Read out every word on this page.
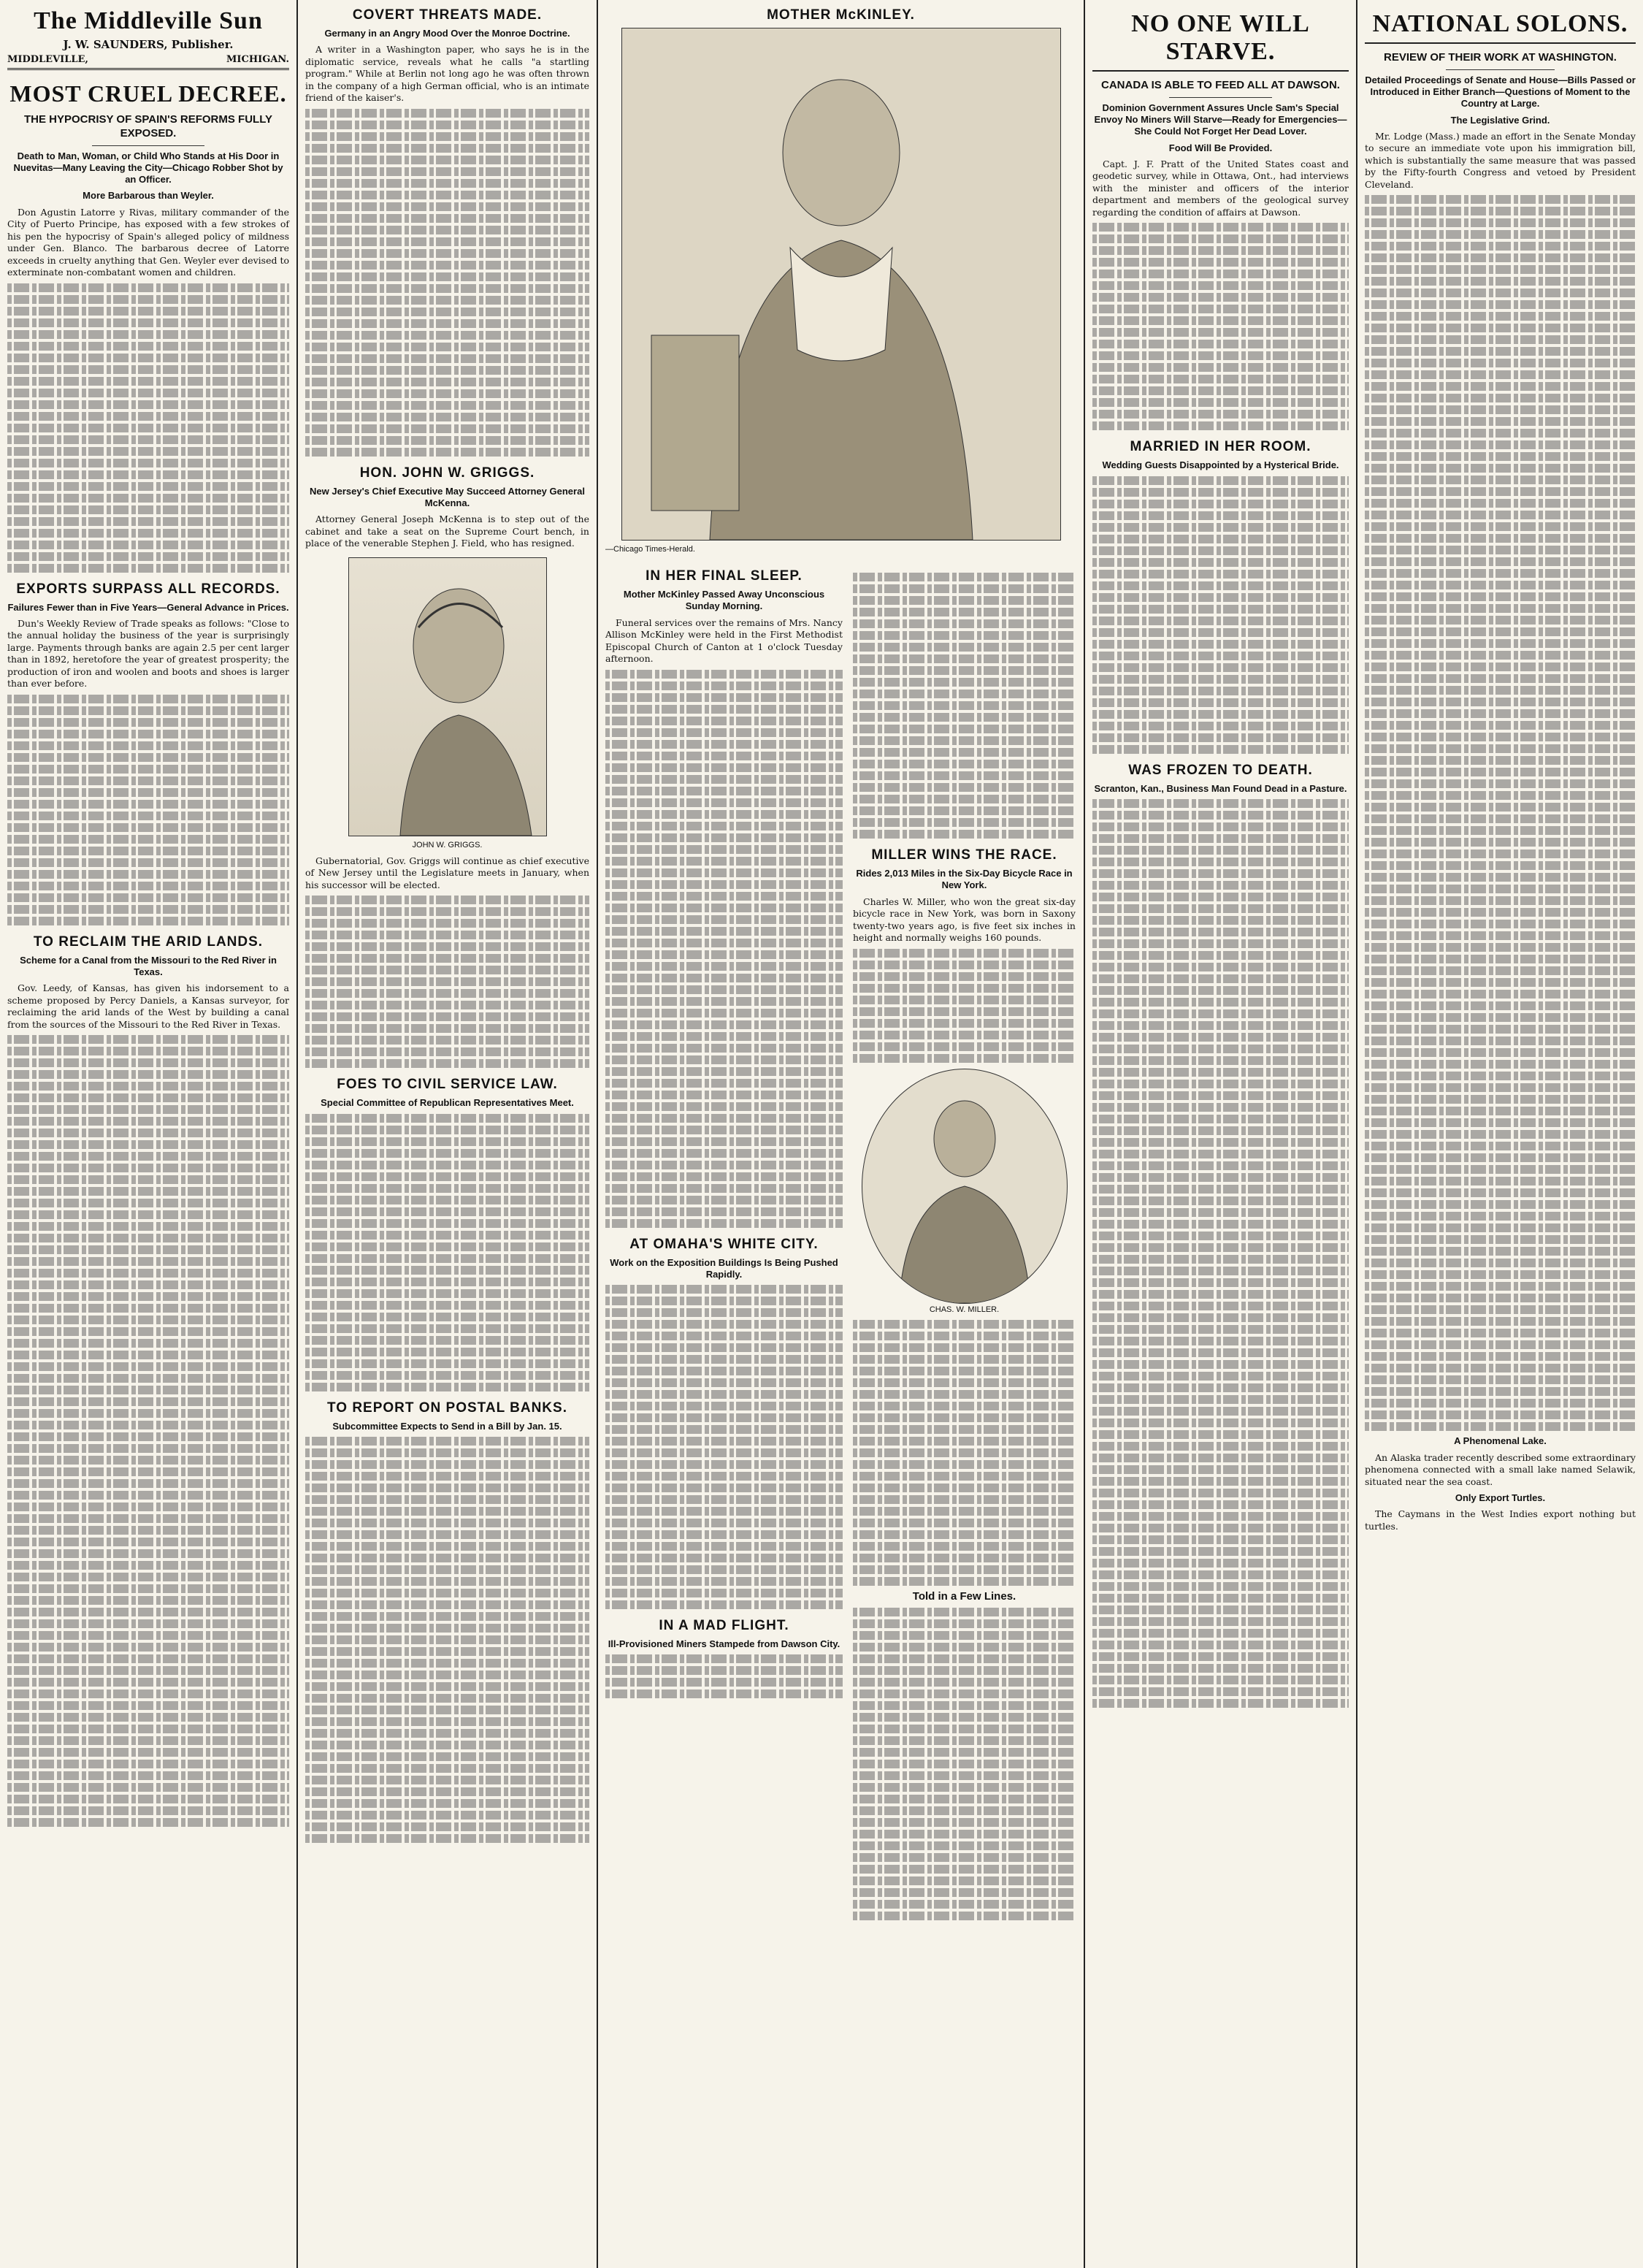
The Middleville Sun
J. W. SAUNDERS, Publisher.
MIDDLEVILLE,	MICHIGAN.
MOST CRUEL DECREE.
THE HYPOCRISY OF SPAIN'S REFORMS FULLY EXPOSED.
Death to Man, Woman, or Child Who Stands at His Door in Nuevitas—Many Leaving the City—Chicago Robber Shot by an Officer.
More Barbarous than Weyler.

Don Agustin Latorre y Rivas, military commander of the City of Puerto Principe, has exposed with a few strokes of his pen the hypocrisy of Spain's alleged policy of mildness under Gen. Blanco. The barbarous decree of Latorre exceeds in cruelty anything that Gen. Weyler ever devised to exterminate non-combatant women and children.

EXPORTS SURPASS ALL RECORDS.
Failures Fewer than in Five Years—General Advance in Prices.

Dun's Weekly Review of Trade speaks as follows: "Close to the annual holiday the business of the year is surprisingly large. Payments through banks are again 2.5 per cent larger than in 1892, heretofore the year of greatest prosperity; the production of iron and woolen and boots and shoes is larger than ever before.

TO RECLAIM THE ARID LANDS.
Scheme for a Canal from the Missouri to the Red River in Texas.

Gov. Leedy, of Kansas, has given his indorsement to a scheme proposed by Percy Daniels, a Kansas surveyor, for reclaiming the arid lands of the West by building a canal from the sources of the Missouri to the Red River in Texas.

COVERT THREATS MADE.
Germany in an Angry Mood Over the Monroe Doctrine.

A writer in a Washington paper, who says he is in the diplomatic service, reveals what he calls "a startling program." While at Berlin not long ago he was often thrown in the company of a high German official, who is an intimate friend of the kaiser's.

HON. JOHN W. GRIGGS.
New Jersey's Chief Executive May Succeed Attorney General McKenna.

Attorney General Joseph McKenna is to step out of the cabinet and take a seat on the Supreme Court bench, in place of the venerable Stephen J. Field, who has resigned.

JOHN W. GRIGGS.

Gubernatorial, Gov. Griggs will continue as chief executive of New Jersey until the Legislature meets in January, when his successor will be elected.

FOES TO CIVIL SERVICE LAW.
Special Committee of Republican Representatives Meet.
TO REPORT ON POSTAL BANKS.
Subcommittee Expects to Send in a Bill by Jan. 15.
MOTHER McKINLEY.
—Chicago Times-Herald.
IN HER FINAL SLEEP.
Mother McKinley Passed Away Unconscious Sunday Morning.

Funeral services over the remains of Mrs. Nancy Allison McKinley were held in the First Methodist Episcopal Church of Canton at 1 o'clock Tuesday afternoon.

AT OMAHA'S WHITE CITY.
Work on the Exposition Buildings Is Being Pushed Rapidly.
IN A MAD FLIGHT.
Ill-Provisioned Miners Stampede from Dawson City.
MILLER WINS THE RACE.
Rides 2,013 Miles in the Six-Day Bicycle Race in New York.

Charles W. Miller, who won the great six-day bicycle race in New York, was born in Saxony twenty-two years ago, is five feet six inches in height and normally weighs 160 pounds.

CHAS. W. MILLER.
Told in a Few Lines.
NO ONE WILL STARVE.
CANADA IS ABLE TO FEED ALL AT DAWSON.
Dominion Government Assures Uncle Sam's Special Envoy No Miners Will Starve—Ready for Emergencies—She Could Not Forget Her Dead Lover.
Food Will Be Provided.

Capt. J. F. Pratt of the United States coast and geodetic survey, while in Ottawa, Ont., had interviews with the minister and officers of the interior department and members of the geological survey regarding the condition of affairs at Dawson.

MARRIED IN HER ROOM.
Wedding Guests Disappointed by a Hysterical Bride.
WAS FROZEN TO DEATH.
Scranton, Kan., Business Man Found Dead in a Pasture.
NATIONAL SOLONS.
REVIEW OF THEIR WORK AT WASHINGTON.
Detailed Proceedings of Senate and House—Bills Passed or Introduced in Either Branch—Questions of Moment to the Country at Large.
The Legislative Grind.

Mr. Lodge (Mass.) made an effort in the Senate Monday to secure an immediate vote upon his immigration bill, which is substantially the same measure that was passed by the Fifty-fourth Congress and vetoed by President Cleveland.

A Phenomenal Lake.

An Alaska trader recently described some extraordinary phenomena connected with a small lake named Selawik, situated near the sea coast.

Only Export Turtles.

The Caymans in the West Indies export nothing but turtles.
